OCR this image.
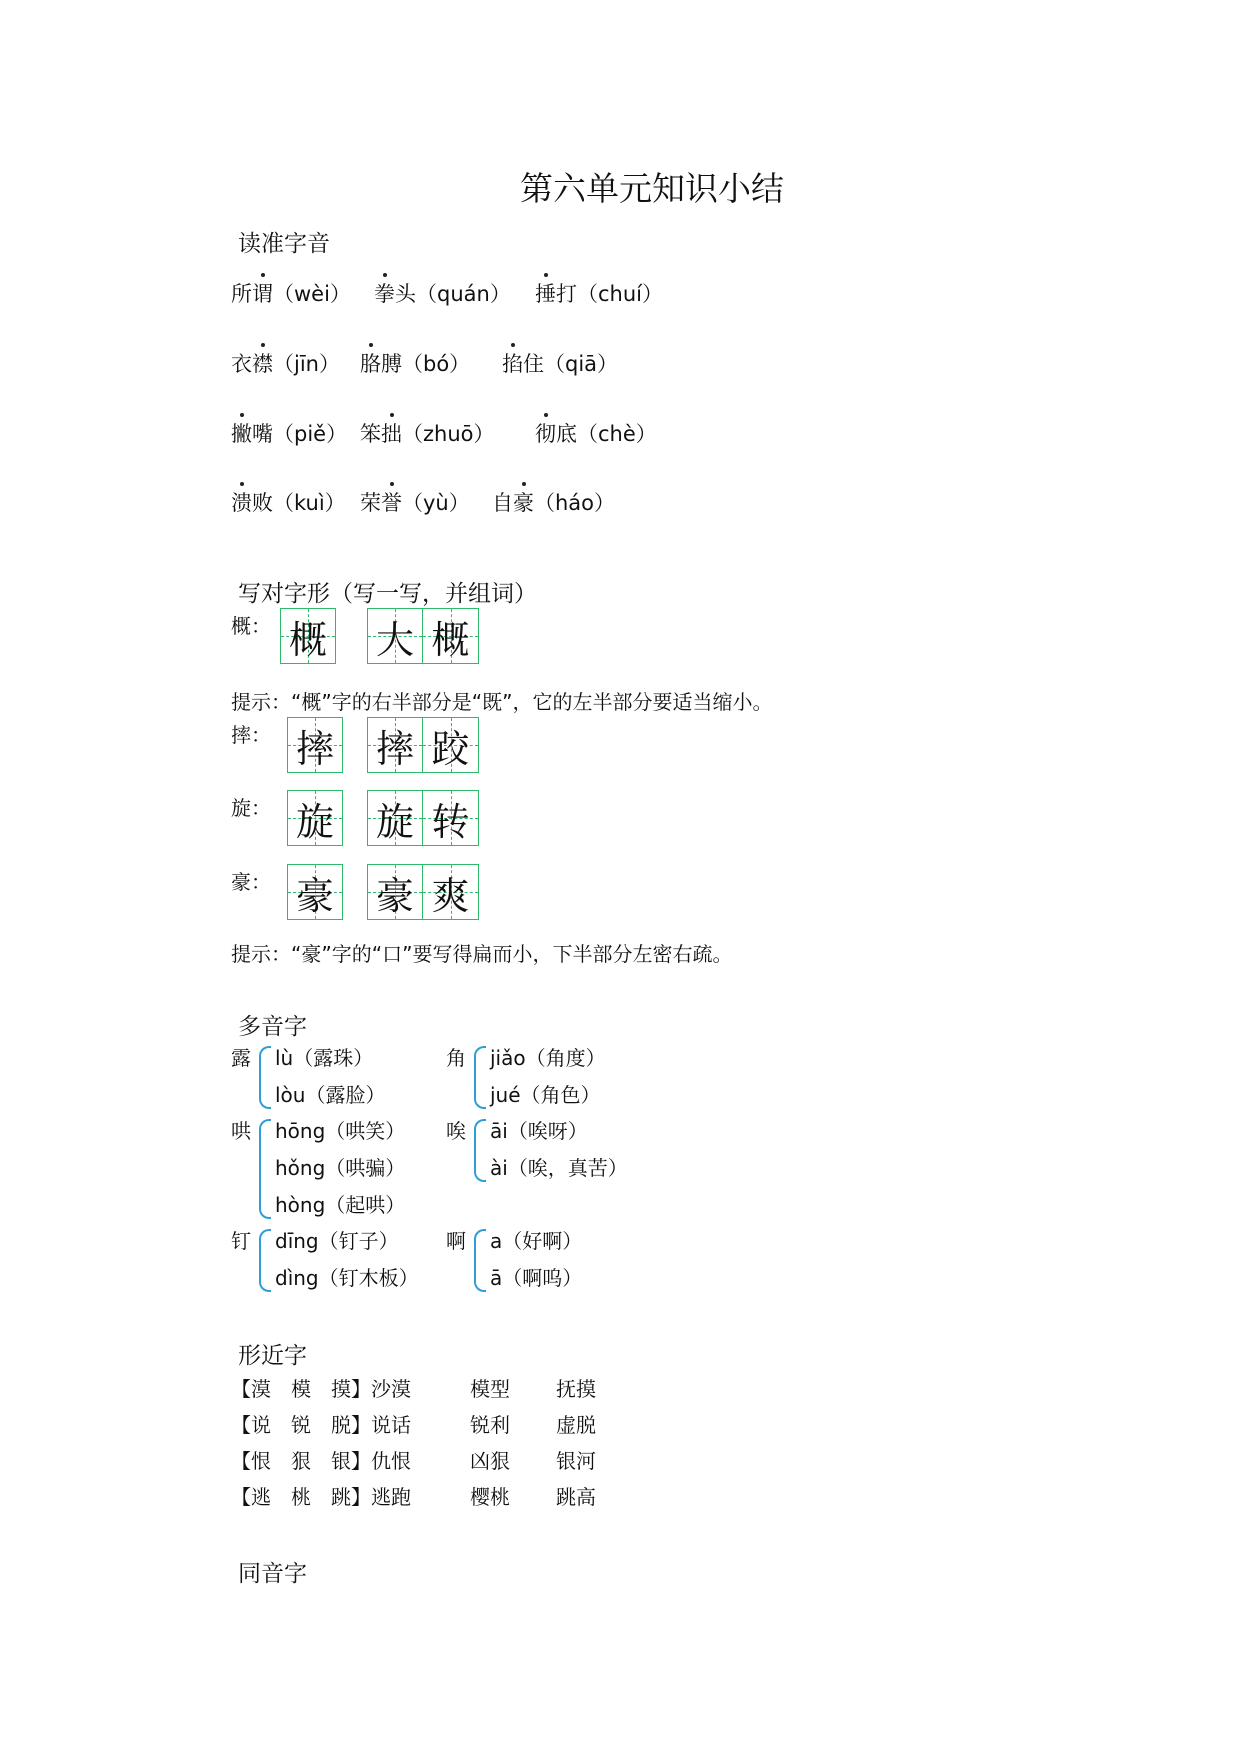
第六单元知识小结
读准字音
所谓（wèi） 拳头（quán） 捶打（chuí）
衣襟（jīn） 胳膊（bó） 掐住（qiā）
撇嘴（piě） 笨拙（zhuō） 彻底（chè）
溃败（kuì） 荣誉（yù） 自豪（háo）
写对字形（写一写，并组词）
概： 概 大 概
摔： 摔 摔 跤
旋： 旋 旋 转
豪： 豪 豪 爽
提示：“概”字的右半部分是“既”，它的左半部分要适当缩小。
提示：“豪”字的“口”要写得扁而小，下半部分左密右疏。
多音字
露 lù（露珠）
lòu（露脸）
角 jiǎo（角度）
jué（角色）
哄 hōng（哄笑）
hǒng（哄骗）
hòng（起哄）
唉 āi（唉呀）
ài（唉，真苦）
钉 dīng（钉子）
dìng（钉木板）
啊 a（好啊）
ā（啊呜）
形近字
【漠　模　摸】沙漠	模型 抚摸
【说　锐　脱】说话	锐利 虚脱
【恨　狠　银】仇恨	凶狠 银河
【逃　桃　跳】逃跑	樱桃 跳高
同音字
